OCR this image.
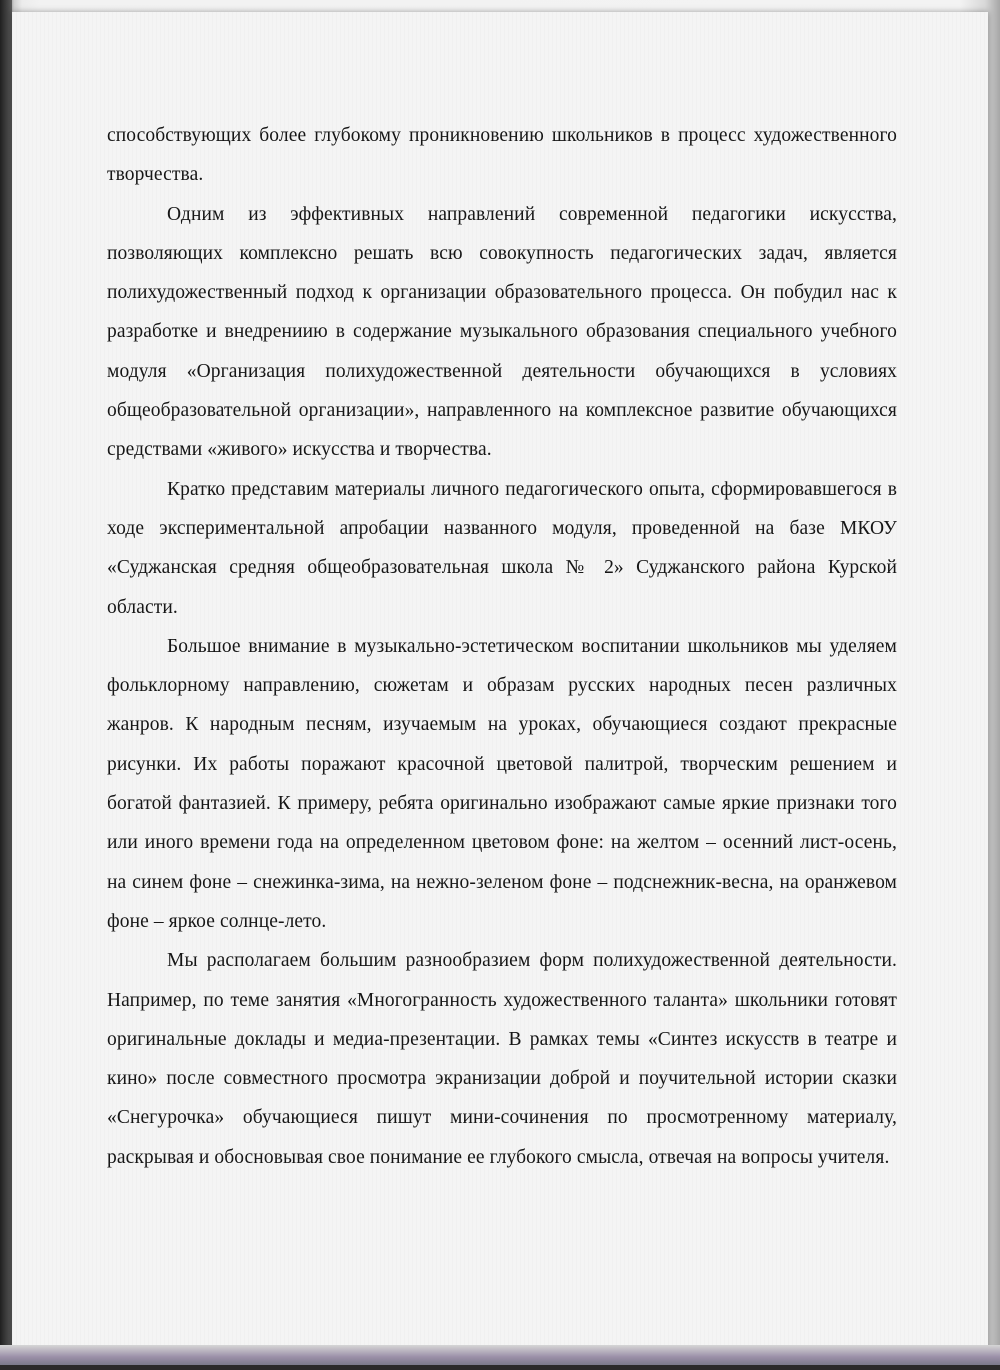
способствующих более глубокому проникновению школьников в процесс художественного творчества.

Одним из эффективных направлений современной педагогики искусства, позволяющих комплексно решать всю совокупность педагогических задач, является полихудожественный подход к организации образовательного процесса. Он побудил нас к разработке и внедрениию в содержание музыкального образования специального учебного модуля «Организация полихудожественной деятельности обучающихся в условиях общеобразовательной организации», направленного на комплексное развитие обучающихся средствами «живого» искусства и творчества.

Кратко представим материалы личного педагогического опыта, сформировавшегося в ходе экспериментальной апробации названного модуля, проведенной на базе МКОУ «Суджанская средняя общеобразовательная школа № 2» Суджанского района Курской области.

Большое внимание в музыкально-эстетическом воспитании школьников мы уделяем фольклорному направлению, сюжетам и образам русских народных песен различных жанров. К народным песням, изучаемым на уроках, обучающиеся создают прекрасные рисунки. Их работы поражают красочной цветовой палитрой, творческим решением и богатой фантазией. К примеру, ребята оригинально изображают самые яркие признаки того или иного времени года на определенном цветовом фоне: на желтом – осенний лист-осень, на синем фоне – снежинка-зима, на нежно-зеленом фоне – подснежник-весна, на оранжевом фоне – яркое солнце-лето.

Мы располагаем большим разнообразием форм полихудожественной деятельности. Например, по теме занятия «Многогранность художественного таланта» школьники готовят оригинальные доклады и медиа-презентации. В рамках темы «Синтез искусств в театре и кино» после совместного просмотра экранизации доброй и поучительной истории сказки «Снегурочка» обучающиеся пишут мини-сочинения по просмотренному материалу, раскрывая и обосновывая свое понимание ее глубокого смысла, отвечая на вопросы учителя.
